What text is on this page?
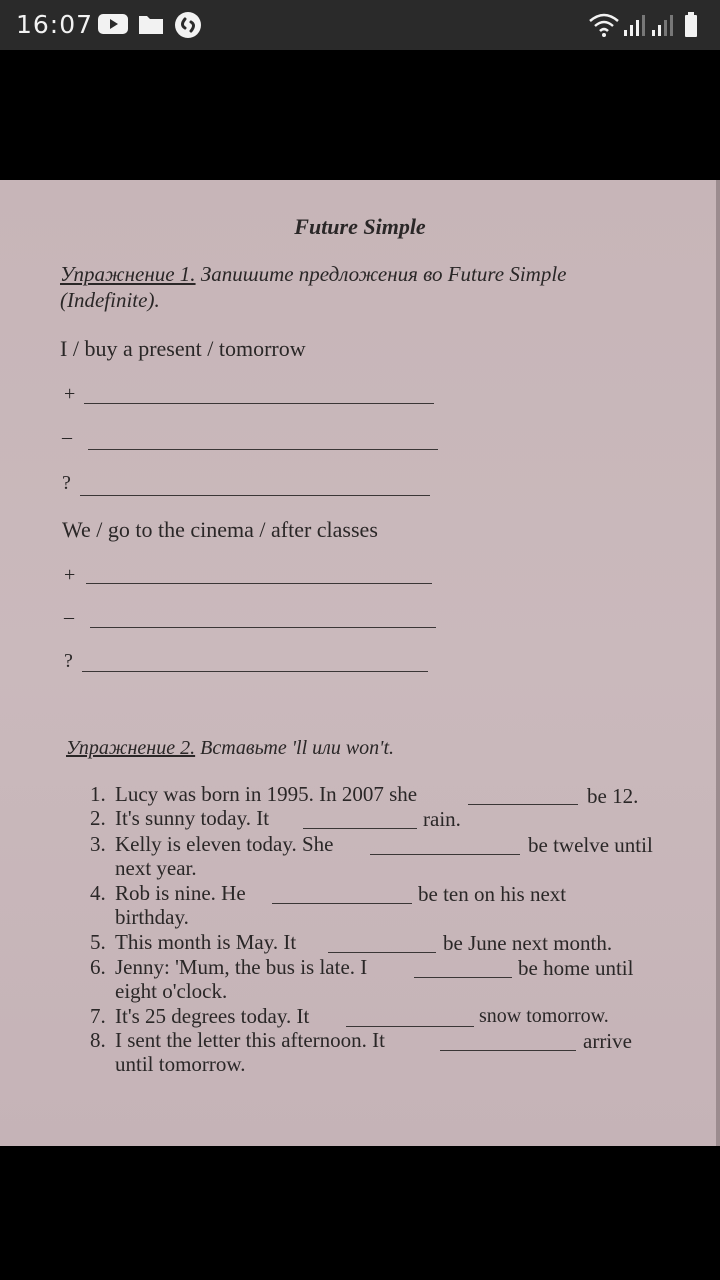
16:07
Future Simple
Упражнение 1. Запишите предложения во Future Simple
(Indefinite).
I / buy a present / tomorrow
+
–
?
We / go to the cinema / after classes
+
–
?
Упражнение 2. Вставьте 'll или won't.
1. Lucy was born in 1995. In 2007 she	be 12.
2. It's sunny today. It	rain.
3. Kelly is eleven today. She	be twelve until
next year.
4. Rob is nine. He	be ten on his next
birthday.
5. This month is May. It	be June next month.
6. Jenny: 'Mum, the bus is late. I	be home until
eight o'clock.
7. It's 25 degrees today. It	snow tomorrow.
8. I sent the letter this afternoon. It	arrive
until tomorrow.
